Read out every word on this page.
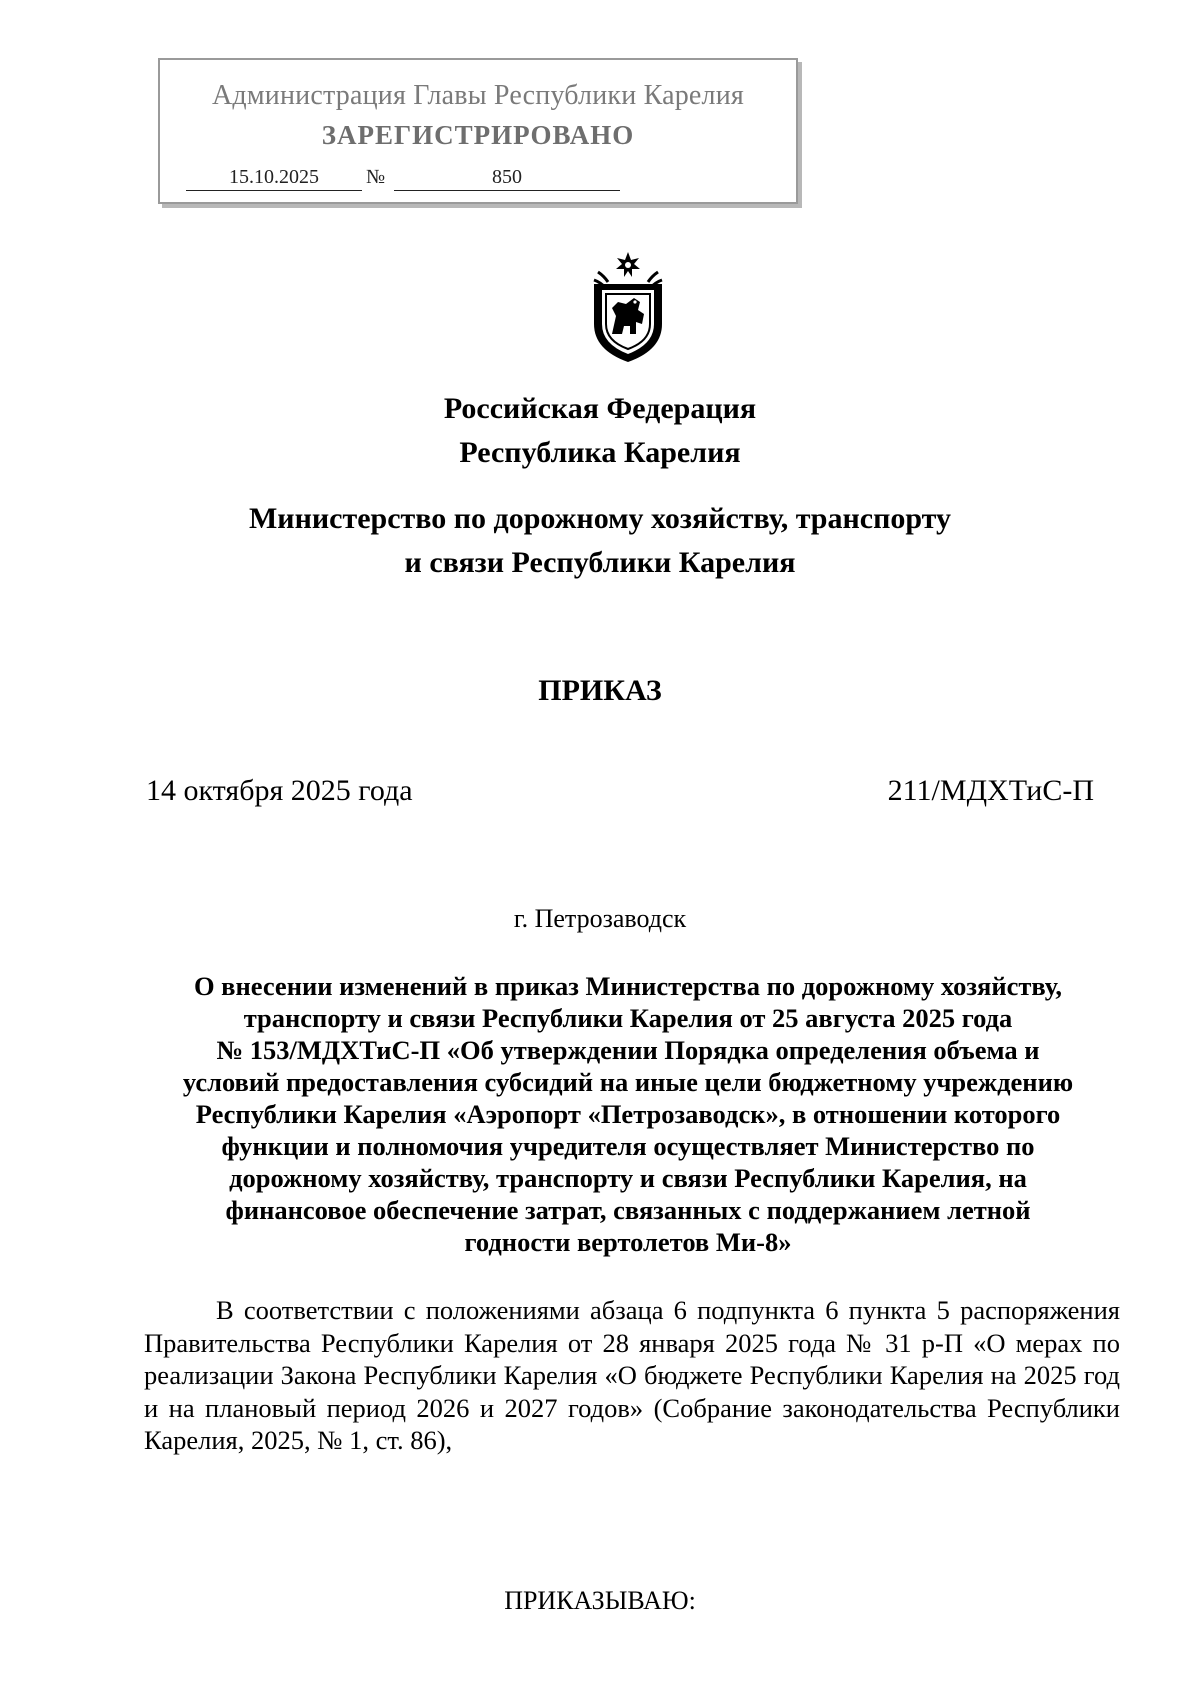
Администрация Главы Республики Карелия
ЗАРЕГИСТРИРОВАНО
15.10.2025	№	850
Российская Федерация
Республика Карелия
Министерство по дорожному хозяйству, транспорту
и связи Республики Карелия
ПРИКАЗ
14 октября 2025 года	211/МДХТиС-П
г. Петрозаводск
О внесении изменений в приказ Министерства по дорожному хозяйству,
транспорту и связи Республики Карелия от 25 августа 2025 года
№ 153/МДХТиС-П «Об утверждении Порядка определения объема и
условий предоставления субсидий на иные цели бюджетному учреждению
Республики Карелия «Аэропорт «Петрозаводск», в отношении которого
функции и полномочия учредителя осуществляет Министерство по
дорожному хозяйству, транспорту и связи Республики Карелия, на
финансовое обеспечение затрат, связанных с поддержанием летной
годности вертолетов Ми-8»
В соответствии с положениями абзаца 6 подпункта 6 пункта 5 распоряжения Правительства Республики Карелия от 28 января 2025 года № 31 р-П «О мерах по реализации Закона Республики Карелия «О бюджете Республики Карелия на 2025 год и на плановый период 2026 и 2027 годов» (Собрание законодательства Республики Карелия, 2025, № 1, ст. 86),
ПРИКАЗЫВАЮ:
